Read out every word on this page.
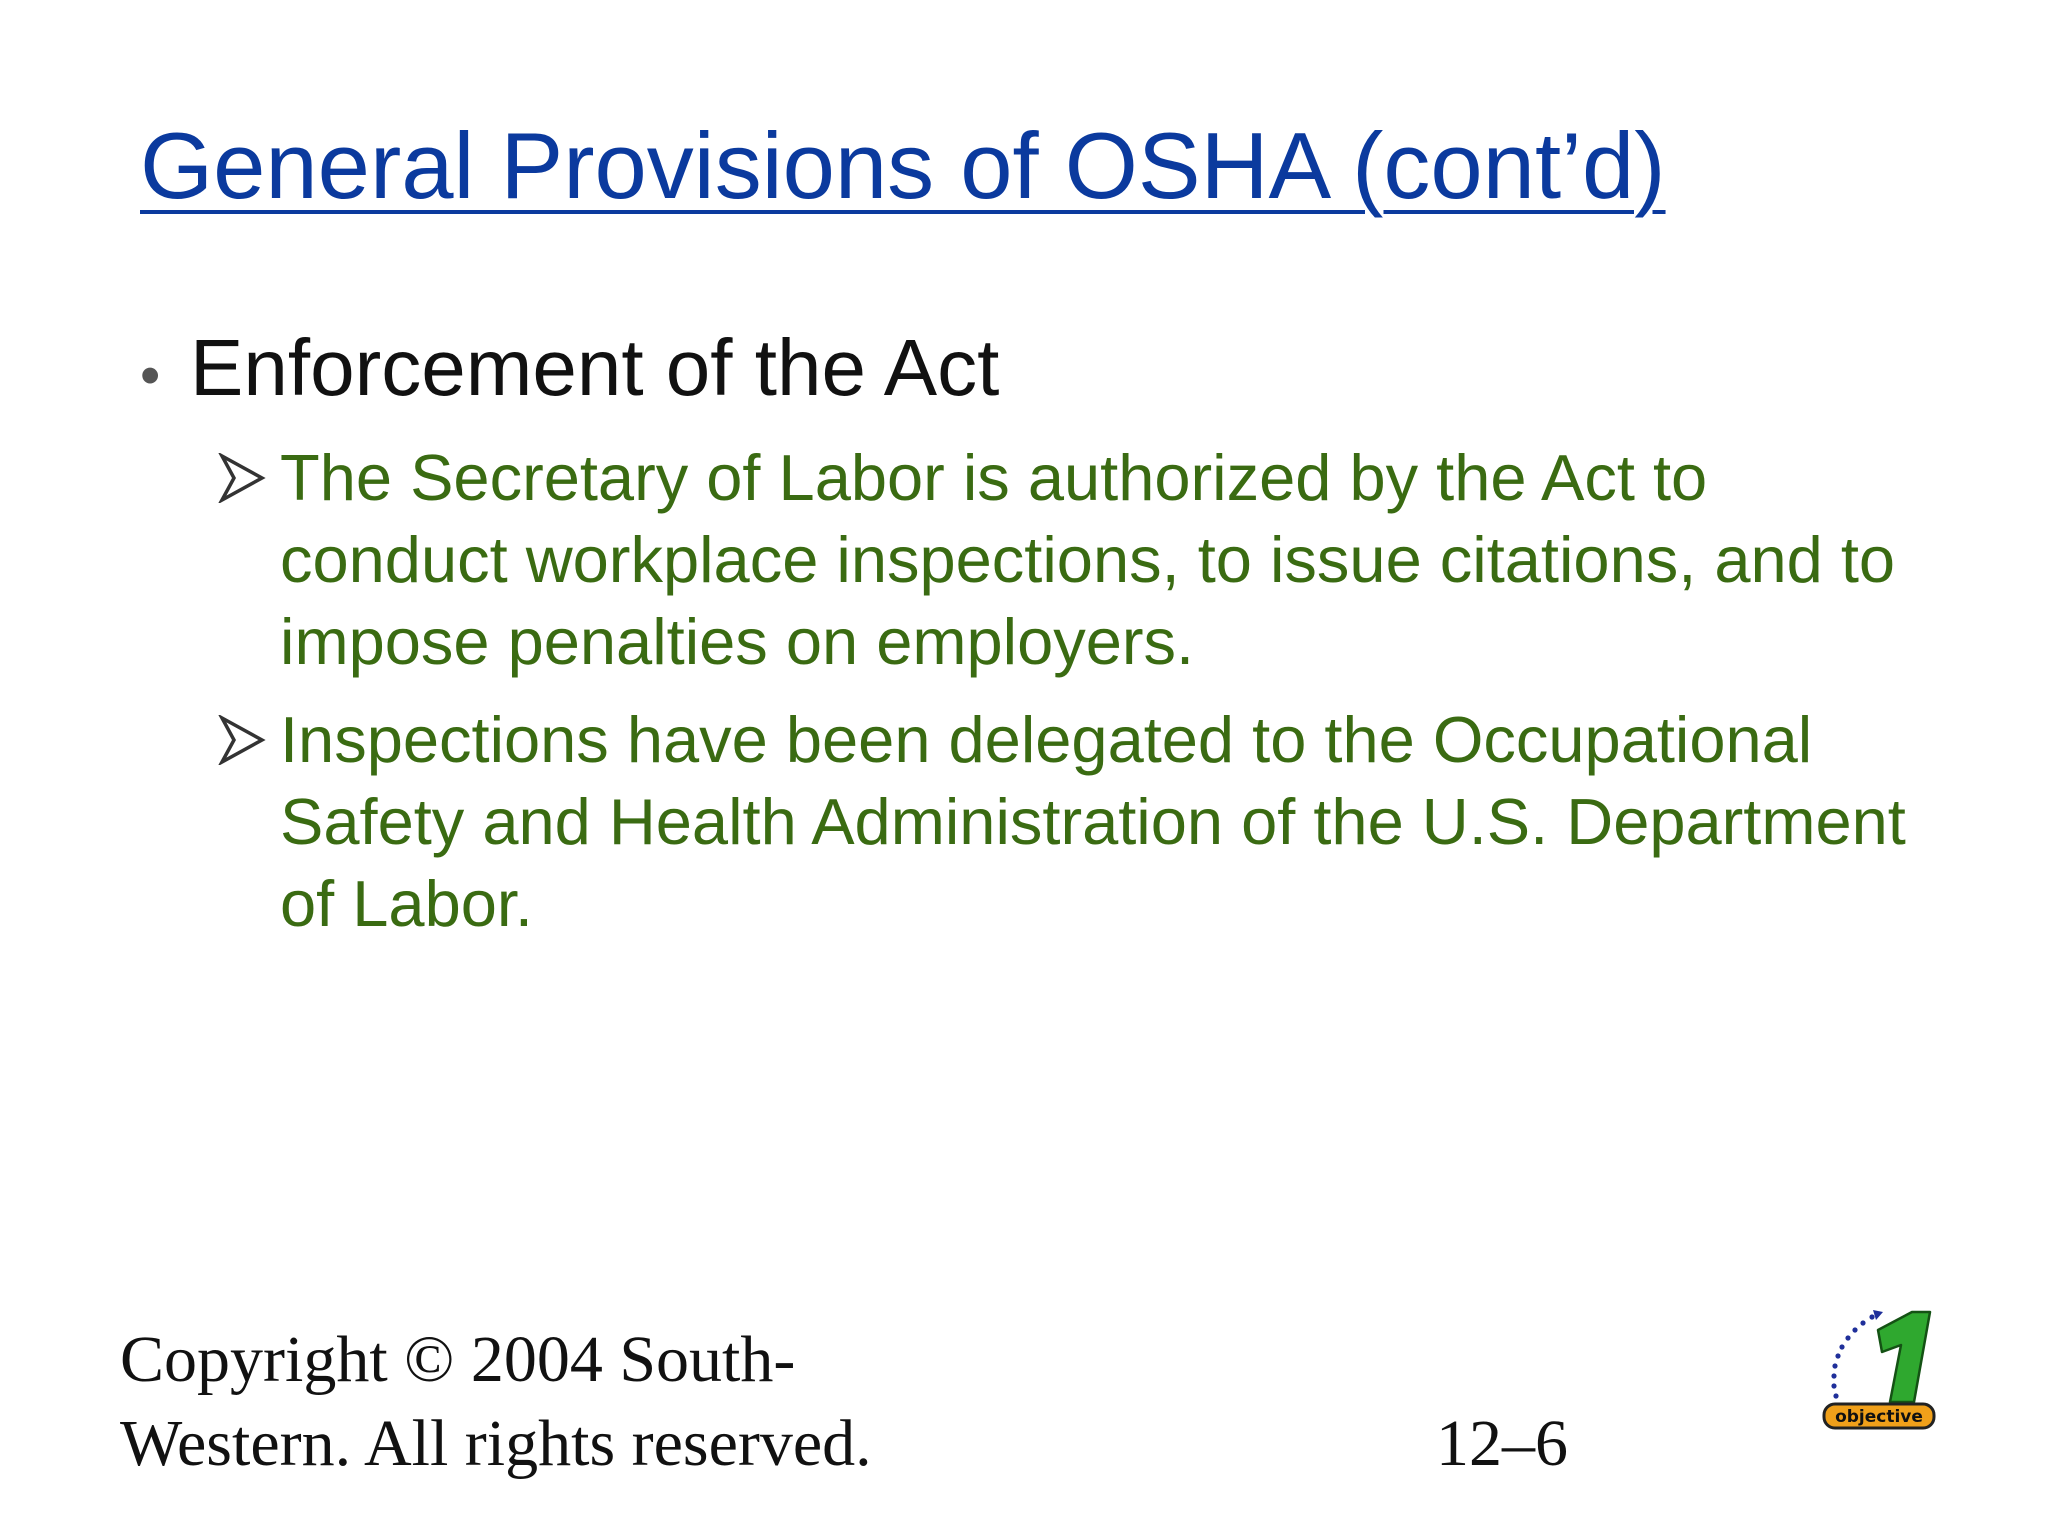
General Provisions of OSHA (cont’d)
• Enforcement of the Act
The Secretary of Labor is authorized by the Act to conduct workplace inspections, to issue citations, and to impose penalties on employers.
Inspections have been delegated to the Occupational Safety and Health Administration of the U.S. Department of Labor.
Copyright © 2004 South-
Western. All rights reserved.	12–6	objective
